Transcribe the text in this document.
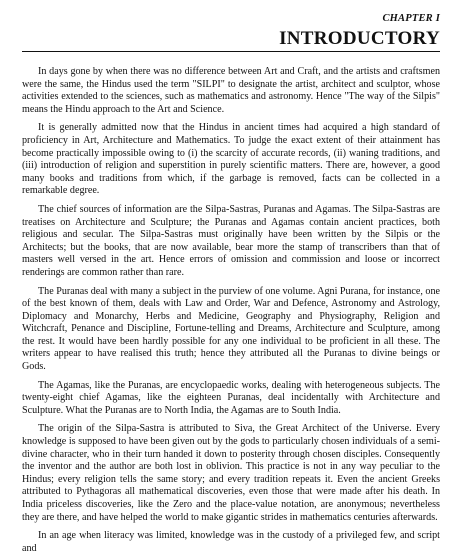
CHAPTER I
INTRODUCTORY

In days gone by when there was no difference between Art and Craft, and the artists and craftsmen were the same, the Hindus used the term "SILPI" to designate the artist, architect and sculptor, whose activities extended to the sciences, such as mathematics and astronomy. Hence "The way of the Silpis" means the Hindu approach to the Art and Science.

It is generally admitted now that the Hindus in ancient times had acquired a high standard of proficiency in Art, Architecture and Mathematics. To judge the exact extent of their attainment has become practically impossible owing to (i) the scarcity of accurate records, (ii) waning traditions, and (iii) introduction of religion and superstition in purely scientific matters. There are, however, a good many books and traditions from which, if the garbage is removed, facts can be collected in a remarkable degree.

The chief sources of information are the Silpa-Sastras, Puranas and Agamas. The Silpa-Sastras are treatises on Architecture and Sculpture; the Puranas and Agamas contain ancient practices, both religious and secular. The Silpa-Sastras must originally have been written by the Silpis or the Architects; but the books, that are now available, bear more the stamp of transcribers than that of masters well versed in the art. Hence errors of omission and commission and loose or incorrect renderings are common rather than rare.

The Puranas deal with many a subject in the purview of one volume. Agni Purana, for instance, one of the best known of them, deals with Law and Order, War and Defence, Astronomy and Astrology, Diplomacy and Monarchy, Herbs and Medicine, Geography and Physiography, Religion and Witchcraft, Penance and Discipline, Fortune-telling and Dreams, Architecture and Sculpture, among the rest. It would have been hardly possible for any one individual to be proficient in all these. The writers appear to have realised this truth; hence they attributed all the Puranas to divine beings or Gods.

The Agamas, like the Puranas, are encyclopaedic works, dealing with heterogeneous subjects. The twenty-eight chief Agamas, like the eighteen Puranas, deal incidentally with Architecture and Sculpture. What the Puranas are to North India, the Agamas are to South India.

The origin of the Silpa-Sastra is attributed to Siva, the Great Architect of the Universe. Every knowledge is supposed to have been given out by the gods to particularly chosen individuals of a semi-divine character, who in their turn handed it down to posterity through chosen disciples. Consequently the inventor and the author are both lost in oblivion. This practice is not in any way peculiar to the Hindus; every religion tells the same story; and every tradition repeats it. Even the ancient Greeks attributed to Pythagoras all mathematical discoveries, even those that were made after his death. In India priceless discoveries, like the Zero and the place-value notation, are anonymous; nevertheless they are there, and have helped the world to make gigantic strides in mathematics centuries afterwards.

In an age when literacy was limited, knowledge was in the custody of a privileged few, and script and
